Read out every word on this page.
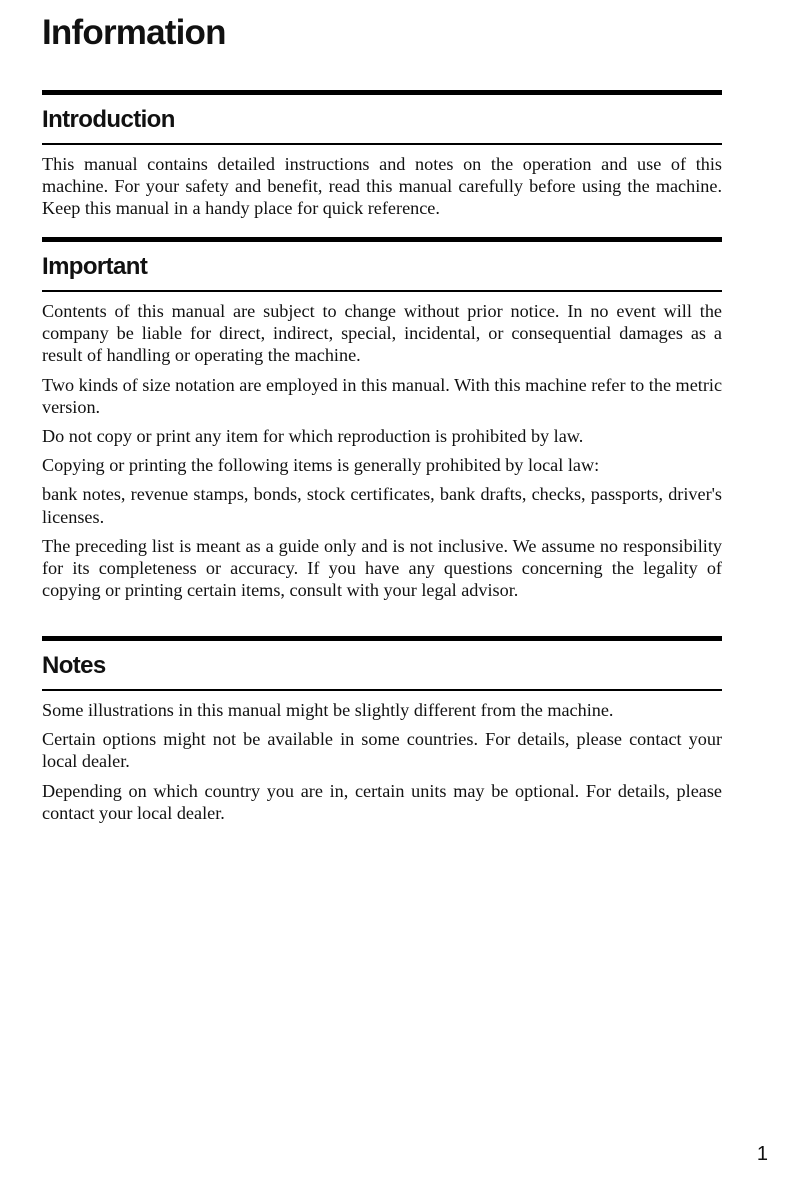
Information
Introduction

This manual contains detailed instructions and notes on the operation and use of this machine. For your safety and benefit, read this manual carefully before using the machine. Keep this manual in a handy place for quick reference.

Important

Contents of this manual are subject to change without prior notice. In no event will the company be liable for direct, indirect, special, incidental, or consequential damages as a result of handling or operating the machine.

Two kinds of size notation are employed in this manual. With this machine refer to the metric version.

Do not copy or print any item for which reproduction is prohibited by law.

Copying or printing the following items is generally prohibited by local law:

bank notes, revenue stamps, bonds, stock certificates, bank drafts, checks, passports, driver's licenses.

The preceding list is meant as a guide only and is not inclusive. We assume no responsibility for its completeness or accuracy. If you have any questions concerning the legality of copying or printing certain items, consult with your legal advisor.

Notes

Some illustrations in this manual might be slightly different from the machine.

Certain options might not be available in some countries. For details, please contact your local dealer.

Depending on which country you are in, certain units may be optional. For details, please contact your local dealer.

1
